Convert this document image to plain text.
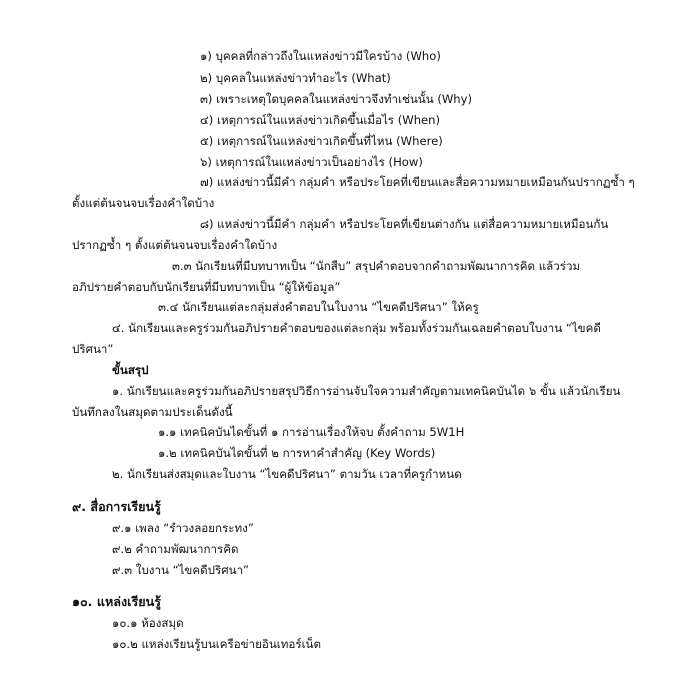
๑) บุคคลที่กล่าวถึงในแหล่งข่าวมีใครบ้าง (Who)
๒) บุคคลในแหล่งข่าวทำอะไร (What)
๓) เพราะเหตุใดบุคคลในแหล่งข่าวจึงทำเช่นนั้น (Why)
๔) เหตุการณ์ในแหล่งข่าวเกิดขึ้นเมื่อไร (When)
๕) เหตุการณ์ในแหล่งข่าวเกิดขึ้นที่ไหน (Where)
๖) เหตุการณ์ในแหล่งข่าวเป็นอย่างไร (How)
๗) แหล่งข่าวนี้มีคำ กลุ่มคำ หรือประโยคที่เขียนและสื่อความหมายเหมือนกันปรากฏซ้ำ ๆ
ตั้งแต่ต้นจนจบเรื่องคำใดบ้าง
๘) แหล่งข่าวนี้มีคำ กลุ่มคำ หรือประโยคที่เขียนต่างกัน แต่สื่อความหมายเหมือนกัน
ปรากฏซ้ำ ๆ ตั้งแต่ต้นจนจบเรื่องคำใดบ้าง
๓.๓ นักเรียนที่มีบทบาทเป็น “นักสืบ” สรุปคำตอบจากคำถามพัฒนาการคิด แล้วร่วม
อภิปรายคำตอบกับนักเรียนที่มีบทบาทเป็น “ผู้ให้ข้อมูล”
๓.๔ นักเรียนแต่ละกลุ่มส่งคำตอบในใบงาน “ไขคดีปริศนา” ให้ครู
๔. นักเรียนและครูร่วมกันอภิปรายคำตอบของแต่ละกลุ่ม พร้อมทั้งร่วมกันเฉลยคำตอบใบงาน “ไขคดี
ปริศนา”
ขั้นสรุป
๑. นักเรียนและครูร่วมกันอภิปรายสรุปวิธีการอ่านจับใจความสำคัญตามเทคนิคบันได ๖ ขั้น แล้วนักเรียน
บันทึกลงในสมุดตามประเด็นดังนี้
๑.๑ เทคนิคบันไดขั้นที่ ๑ การอ่านเรื่องให้จบ ตั้งคำถาม 5W1H
๑.๒ เทคนิคบันไดขั้นที่ ๒ การหาคำสำคัญ (Key Words)
๒. นักเรียนส่งสมุดและใบงาน “ไขคดีปริศนา” ตามวัน เวลาที่ครูกำหนด
๙. สื่อการเรียนรู้
๙.๑ เพลง “รำวงลอยกระทง”
๙.๒ คำถามพัฒนาการคิด
๙.๓ ใบงาน “ไขคดีปริศนา”
๑๐. แหล่งเรียนรู้
๑๐.๑ ห้องสมุด
๑๐.๒ แหล่งเรียนรู้บนเครือข่ายอินเทอร์เน็ต
